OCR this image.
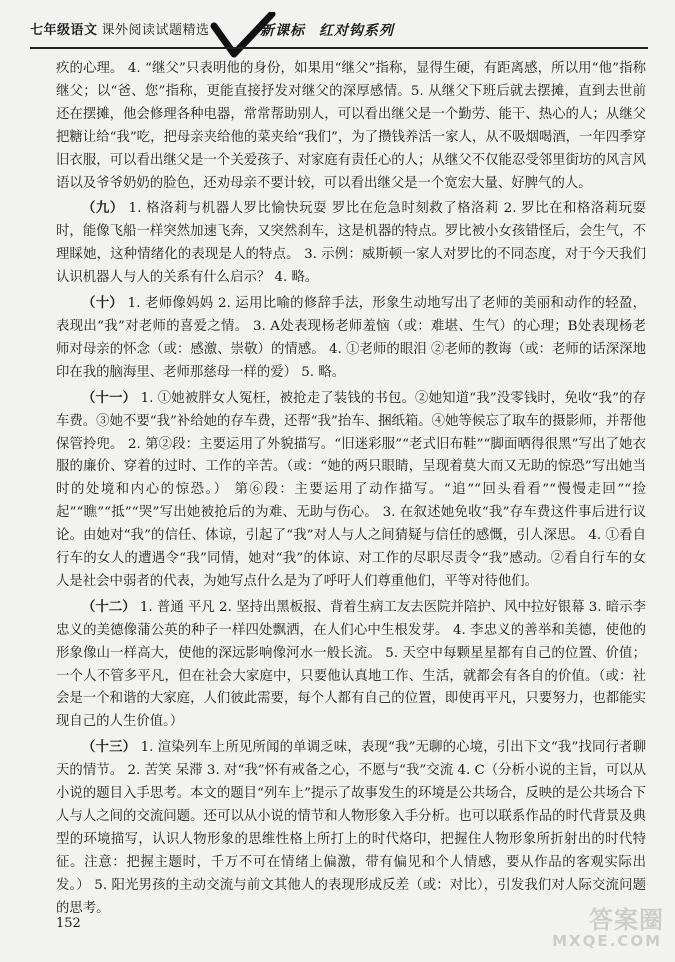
七年级语文 课外阅读试题精选	新课标 红对钩系列

疚的心理。 4. “继父”只表明他的身份，如果用“继父”指称，显得生硬，有距离感，所以用“他”指称继父；以“爸、您”指称，更能直接抒发对继父的深厚感情。5. 从继父下班后就去摆摊，直到去世前还在摆摊，他会修理各种电器，常常帮助别人，可以看出继父是一个勤劳、能干、热心的人；从继父把糖让给“我”吃，把母亲夹给他的菜夹给“我们”，为了攒钱养活一家人，从不吸烟喝酒，一年四季穿旧衣服，可以看出继父是一个关爱孩子、对家庭有责任心的人；从继父不仅能忍受邻里街坊的风言风语以及爷爷奶奶的脸色，还劝母亲不要计较，可以看出继父是一个宽宏大量、好脾气的人。

（九） 1. 格洛莉与机器人罗比愉快玩耍 罗比在危急时刻救了格洛莉 2. 罗比在和格洛莉玩耍时，能像飞船一样突然加速飞奔，又突然刹车，这是机器的特点。罗比被小女孩错怪后，会生气，不理睬她，这种情绪化的表现是人的特点。 3. 示例：威斯顿一家人对罗比的不同态度，对于今天我们认识机器人与人的关系有什么启示？ 4. 略。

（十） 1. 老师像妈妈 2. 运用比喻的修辞手法，形象生动地写出了老师的美丽和动作的轻盈，表现出“我”对老师的喜爱之情。 3. A处表现杨老师羞恼（或：难堪、生气）的心理；B处表现杨老师对母亲的怀念（或：感激、崇敬）的情感。 4. ①老师的眼泪 ②老师的教诲（或：老师的话深深地印在我的脑海里、老师那慈母一样的爱） 5. 略。

（十一） 1. ①她被胖女人冤枉，被抢走了装钱的书包。②她知道“我”没零钱时，免收“我”的存车费。③她不要“我”补给她的存车费，还帮“我”抬车、捆纸箱。④她等候忘了取车的摄影师，并帮他保管拎兜。 2. 第②段：主要运用了外貌描写。“旧迷彩服”“老式旧布鞋”“脚面晒得很黑”写出了她衣服的廉价、穿着的过时、工作的辛苦。（或：“她的两只眼睛，呈现着莫大而又无助的惊恐”写出她当时的处境和内心的惊恐。） 第⑥段：主要运用了动作描写。“追”“回头看看”“慢慢走回”“捡起”“瞧”“抵”“哭”写出她被抢后的为难、无助与伤心。 3. 在叙述她免收“我”存车费这件事后进行议论。由她对“我”的信任、体谅，引起了“我”对人与人之间猜疑与信任的感慨，引人深思。 4. ①看自行车的女人的遭遇令“我”同情，她对“我”的体谅、对工作的尽职尽责令“我”感动。②看自行车的女人是社会中弱者的代表，为她写点什么是为了呼吁人们尊重他们，平等对待他们。

（十二） 1. 普通 平凡 2. 坚持出黑板报、背着生病工友去医院并陪护、风中拉好银幕 3. 暗示李忠义的美德像蒲公英的种子一样四处飘洒，在人们心中生根发芽。 4. 李忠义的善举和美德，使他的形象像山一样高大，使他的深远影响像河水一般长流。 5. 天空中每颗星星都有自己的位置、价值；一个人不管多平凡，但在社会大家庭中，只要他认真地工作、生活，就都会有各自的价值。（或：社会是一个和谐的大家庭，人们彼此需要，每个人都有自己的位置，即使再平凡，只要努力，也都能实现自己的人生价值。）

（十三） 1. 渲染列车上所见所闻的单调乏味，表现“我”无聊的心境，引出下文“我”找同行者聊天的情节。 2. 苦笑 呆滞 3. 对“我”怀有戒备之心，不愿与“我”交流 4. C（分析小说的主旨，可以从小说的题目入手思考。本文的题目“列车上”提示了故事发生的环境是公共场合，反映的是公共场合下人与人之间的交流问题。还可以从小说的情节和人物形象入手分析。也可以联系作品的时代背景及典型的环境描写，认识人物形象的思维性格上所打上的时代烙印，把握住人物形象所折射出的时代特征。注意：把握主题时，千万不可在情绪上偏激，带有偏见和个人情感，要从作品的客观实际出发。） 5. 阳光男孩的主动交流与前文其他人的表现形成反差（或：对比），引发我们对人际交流问题的思考。

152	答案圈
MXQE.COM
